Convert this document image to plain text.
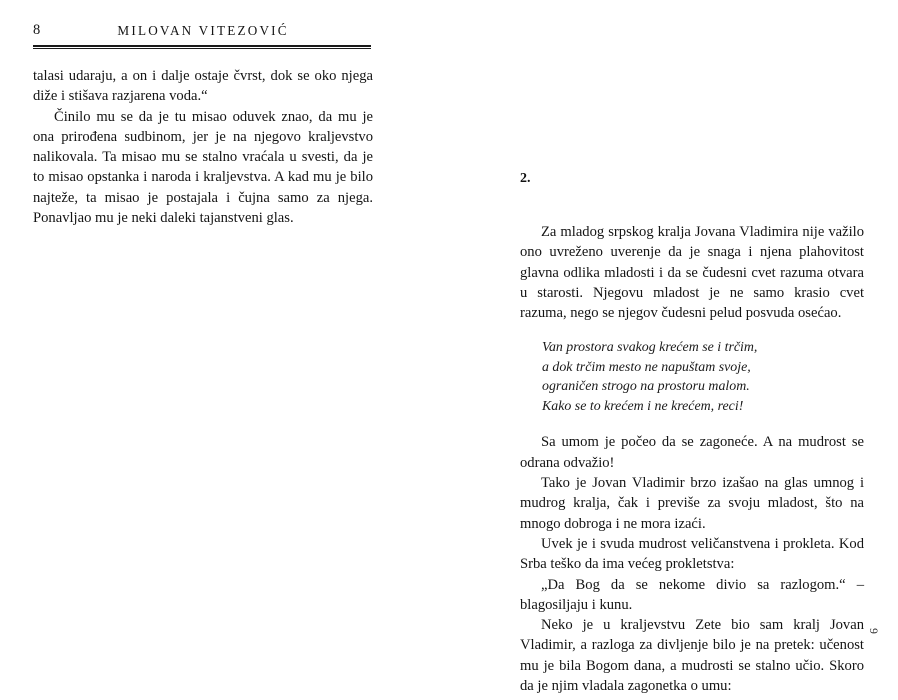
8	MILOVAN VITEZOVIĆ

talasi udaraju, a on i dalje ostaje čvrst, dok se oko njega diže i stišava razjarena voda.“

Činilo mu se da je tu misao oduvek znao, da mu je ona prirođena sudbinom, jer je na njegovo kraljevstvo nalikovala. Ta misao mu se stalno vraćala u svesti, da je to misao opstanka i naroda i kraljevstva. A kad mu je bilo najteže, ta misao je postajala i čujna samo za njega. Ponavljao mu je neki daleki tajanstveni glas.

2.

Za mladog srpskog kralja Jovana Vladimira nije važilo ono uvreženo uverenje da je snaga i njena plahovitost glavna odlika mladosti i da se čudesni cvet razuma otvara u starosti. Njegovu mladost je ne samo krasio cvet razuma, nego se njegov čudesni pelud posvuda osećao.

Van prostora svakog krećem se i trčim,

a dok trčim mesto ne napuštam svoje,

ograničen strogo na prostoru malom.

Kako se to krećem i ne krećem, reci!

Sa umom je počeo da se zagoneće. A na mudrost se odrana odvažio!

Tako je Jovan Vladimir brzo izašao na glas umnog i mudrog kralja, čak i previše za svoju mladost, što na mnogo dobroga i ne mora izaći.

Uvek je i svuda mudrost veličanstvena i prokleta. Kod Srba teško da ima većeg prokletstva:

„Da Bog da se nekome divio sa razlogom.“ – blagosiljaju i kunu.

Neko je u kraljevstvu Zete bio sam kralj Jovan Vladimir, a razloga za divljenje bilo je na pretek: učenost mu je bila Bogom dana, a mudrosti se stalno učio. Skoro da je njim vladala zagonetka o umu:

9
